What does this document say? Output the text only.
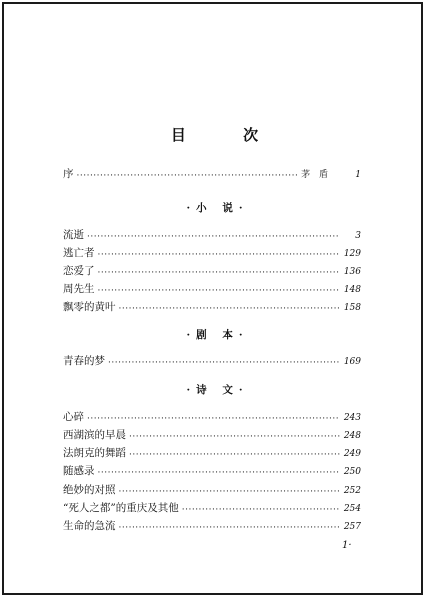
目 次
序 ·····	茅 盾	1
·小 说·
流逝 ·····	3
逃亡者 ·····	129
恋爱了 ·····	136
周先生 ·····	148
飘零的黄叶 ·····	158
·剧 本·
青春的梦 ·····	169
·诗 文·
心碎 ·····	243
西湖滨的早晨 ·····	248
法朗克的舞蹈 ·····	249
随感录 ·····	250
绝妙的对照 ·····	252
“死人之都”的重庆及其他 ·····	254
生命的急流 ·····	257
1·
